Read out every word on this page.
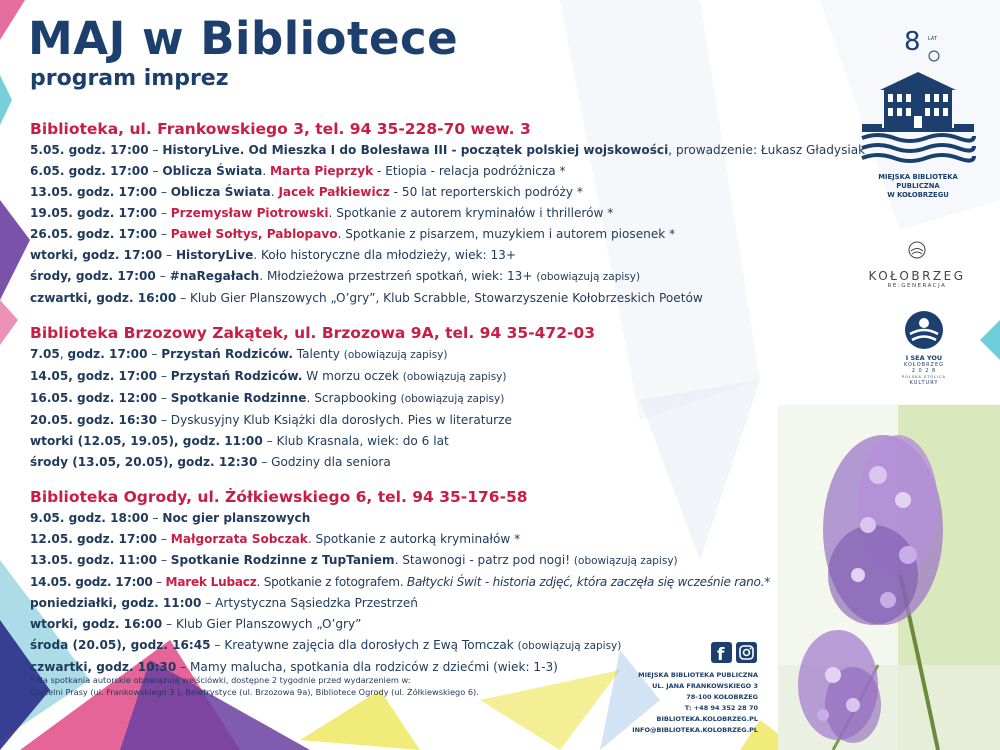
MAJ w Bibliotece
program imprez
Biblioteka, ul. Frankowskiego 3, tel. 94 35-228-70 wew. 3
5.05. godz. 17:00 – HistoryLive. Od Mieszka I do Bolesława III - początek polskiej wojskowości, prowadzenie: Łukasz Gładysiak
6.05. godz. 17:00 – Oblicza Świata. Marta Pieprzyk - Etiopia - relacja podróżnicza *
13.05. godz. 17:00 – Oblicza Świata. Jacek Pałkiewicz - 50 lat reporterskich podróży *
19.05. godz. 17:00 – Przemysław Piotrowski. Spotkanie z autorem kryminałów i thrillerów *
26.05. godz. 17:00 – Paweł Sołtys, Pablopavo. Spotkanie z pisarzem, muzykiem i autorem piosenek *
wtorki, godz. 17:00 – HistoryLive. Koło historyczne dla młodzieży, wiek: 13+
środy, godz. 17:00 – #naRegałach. Młodzieżowa przestrzeń spotkań, wiek: 13+ (obowiązują zapisy)
czwartki, godz. 16:00 – Klub Gier Planszowych „O’gry”, Klub Scrabble, Stowarzyszenie Kołobrzeskich Poetów
Biblioteka Brzozowy Zakątek, ul. Brzozowa 9A, tel. 94 35-472-03
7.05, godz. 17:00 – Przystań Rodziców. Talenty (obowiązują zapisy)
14.05, godz. 17:00 – Przystań Rodziców. W morzu oczek (obowiązują zapisy)
16.05. godz. 12:00 – Spotkanie Rodzinne. Scrapbooking (obowiązują zapisy)
20.05. godz. 16:30 – Dyskusyjny Klub Książki dla dorosłych. Pies w literaturze
wtorki (12.05, 19.05), godz. 11:00 – Klub Krasnala, wiek: do 6 lat
środy (13.05, 20.05), godz. 12:30 – Godziny dla seniora
Biblioteka Ogrody, ul. Żółkiewskiego 6, tel. 94 35-176-58
9.05. godz. 18:00 – Noc gier planszowych
12.05. godz. 17:00 – Małgorzata Sobczak. Spotkanie z autorką kryminałów *
13.05. godz. 11:00 – Spotkanie Rodzinne z TupTaniem. Stawonogi - patrz pod nogi! (obowiązują zapisy)
14.05. godz. 17:00 – Marek Lubacz. Spotkanie z fotografem. Bałtycki Świt - historia zdjęć, która zaczęła się wcześnie rano.*
poniedziałki, godz. 11:00 – Artystyczna Sąsiedzka Przestrzeń
wtorki, godz. 16:00 – Klub Gier Planszowych „O’gry”
środa (20.05), godz. 16:45 – Kreatywne zajęcia dla dorosłych z Ewą Tomczak (obowiązują zapisy)
czwartki, godz. 10:30 – Mamy malucha, spotkania dla rodziców z dziećmi (wiek: 1-3)
* Na spotkania autorskie obowiązują wejściówki, dostępne 2 tygodnie przed wydarzeniem w:
Czytelni Prasy (ul. Frankowskiego 3 ), Beletrystyce (ul. Brzozowa 9a), Bibliotece Ogrody (ul. Żółkiewskiego 6).
8 LAT
MIEJSKA BIBLIOTEKA PUBLICZNA
W KOŁOBRZEGU
KOŁOBRZEG
RE:GENERACJA
I SEA YOU
KOŁOBRZEG
2 0 2 8
POLSKA STOLICA
KULTURY
f
MIEJSKA BIBLIOTEKA PUBLICZNA
UL. JANA FRANKOWSKIEGO 3
78-100 KOŁOBRZEG
T: +48 94 352 28 70
BIBLIOTEKA.KOLOBRZEG.PL
INFO@BIBLIOTEKA.KOLOBRZEG.PL
